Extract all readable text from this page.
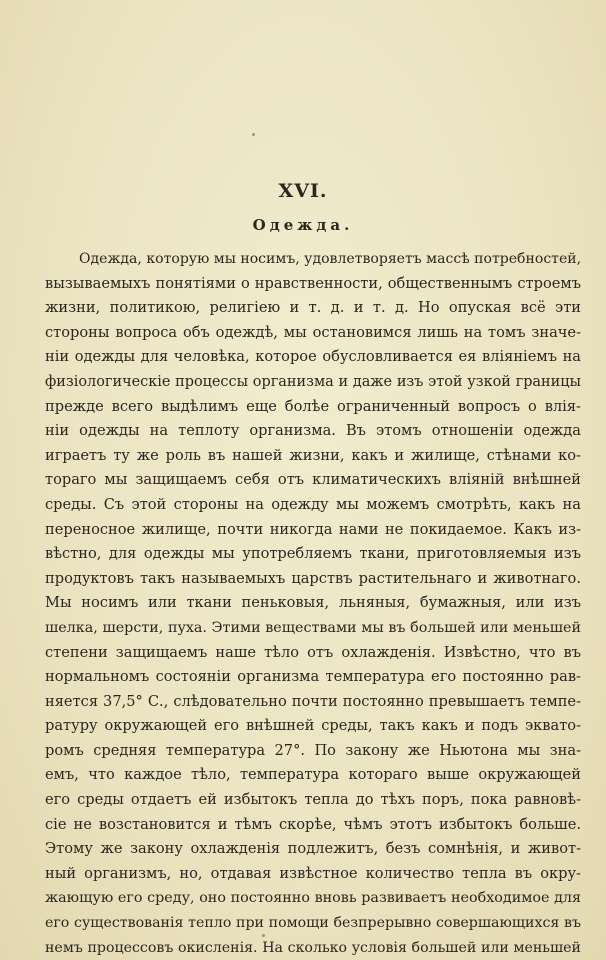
XVI.
Одежда.
Одежда, которую мы носимъ, удовлетворяетъ массѣ потребностей,
вызываемыхъ понятіями о нравственности, общественнымъ строемъ
жизни, политикою, религіею и т. д. и т. д. Но опуская всё эти
стороны вопроса объ одеждѣ, мы остановимся лишь на томъ значе-
ніи одежды для человѣка, которое обусловливается ея вліяніемъ на
физіологическіе процессы организма и даже изъ этой узкой границы
прежде всего выдѣлимъ еще болѣе ограниченный вопросъ о влія-
ніи одежды на теплоту организма. Въ этомъ отношеніи одежда
играетъ ту же роль въ нашей жизни, какъ и жилище, стѣнами ко-
тораго мы защищаемъ себя отъ климатическихъ вліяній внѣшней
среды. Съ этой стороны на одежду мы можемъ смотрѣть, какъ на
переносное жилище, почти никогда нами не покидаемое. Какъ из-
вѣстно, для одежды мы употребляемъ ткани, приготовляемыя изъ
продуктовъ такъ называемыхъ царствъ растительнаго и животнаго.
Мы носимъ или ткани пеньковыя, льняныя, бумажныя, или изъ
шелка, шерсти, пуха. Этими веществами мы въ большей или меньшей
степени защищаемъ наше тѣло отъ охлажденія. Извѣстно, что въ
нормальномъ состояніи организма температура его постоянно рав-
няется 37,5° С., слѣдовательно почти постоянно превышаетъ темпе-
ратуру окружающей его внѣшней среды, такъ какъ и подъ эквато-
ромъ средняя температура 27°. По закону же Ньютона мы зна-
емъ, что каждое тѣло, температура котораго выше окружающей
его среды отдаетъ ей избытокъ тепла до тѣхъ поръ, пока равновѣ-
сіе не возстановится и тѣмъ скорѣе, чѣмъ этотъ избытокъ больше.
Этому же закону охлажденія подлежитъ, безъ сомнѣнія, и живот-
ный организмъ, но, отдавая извѣстное количество тепла въ окру-
жающую его среду, оно постоянно вновь развиваетъ необходимое для
его существованія тепло при помощи безпрерывно совершающихся въ
немъ процессовъ окисленія. На сколько условія большей или меньшей
